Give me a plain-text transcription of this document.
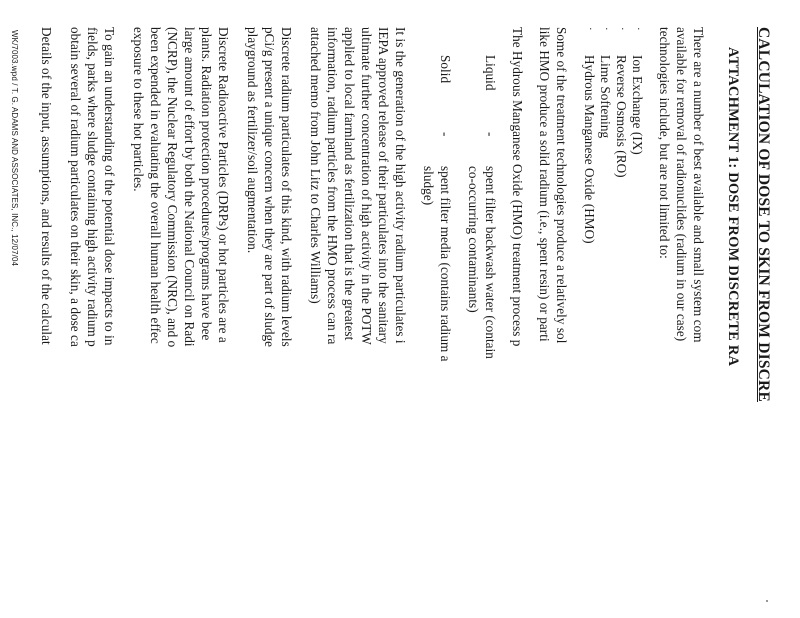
CALCULATION OF DOSE TO SKIN FROM DISCRE
ATTACHMENT 1: DOSE FROM DISCRETE RA
There are a number of best available and small system com
available for removal of radionuclides (radium in our case)
technologies include, but are not limited to:
·
Ion Exchange (IX)
·
Reverse Osmosis (RO)
·
Lime Softening
·
Hydrous Manganese Oxide (HMO)
Some of the treatment technologies produce a relatively sol
like HMO produce a solid radium (i.e., spent resin) or parti
The Hydrous Manganese Oxide (HMO) treatment process p
Liquid
-
spent filter backwash water (contain
co-occurring contaminants)
Solid
-
spent filter media (contains radium a
sludge)
It is the generation of the high activity radium particulates i
IEPA approved release of their particulates into the sanitary
ultimate further concentration of high activity in the POTW
applied to local farmland as fertilization that is the greatest
information, radium particles from the HMO process can ra
attached memo from John Litz to Charles Williams)
Discrete radium particulates of this kind, with radium levels
pCi/g present a unique concern when they are part of sludge
playground as fertilizer/soil augmentation.
Discrete Radioactive Particles (DRPs) or hot particles are a
plants. Radiation protection procedures/programs have bee
large amount of effort by both the National Council on Radi
(NCRP), the Nuclear Regulatory Commission (NRC), and o
been expended in evaluating the overall human health effec
exposure to these hot particles.
To gain an understanding of the potential dose impacts to in
fields, parks where sludge containing high activity radium p
obtain several of radium particulates on their skin, a dose ca
Details of the input, assumptions, and results of the calculat
WK/7003.wpd / T. G. ADAMS AND ASSOCIATES, INC., 12/07/04
